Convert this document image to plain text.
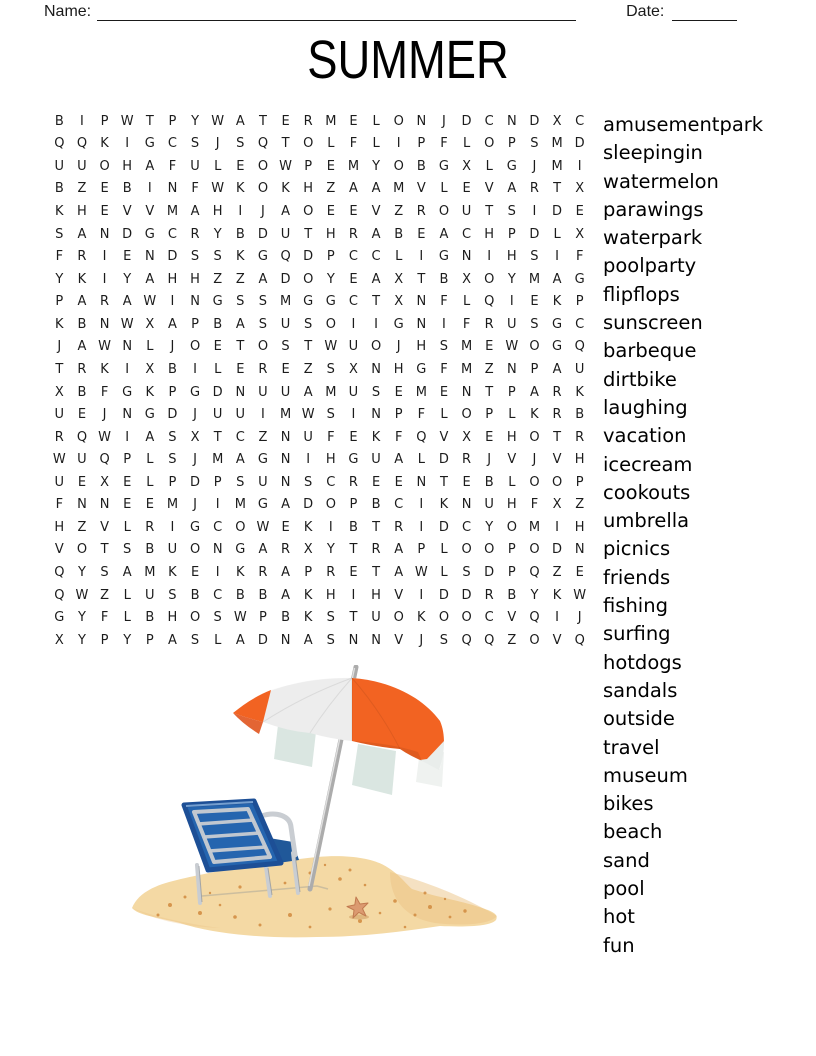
Name:	Date:
SUMMER
B	I	P W T	P	Y W A	T	E	R M E	L	O N	J	D	C	N D	X	C
Q Q	K	I	G	C	S	J	S	Q	T	O	L	F	L	I	P	F	L	O	P	S M D
U	U O H	A	F	U	L	E	O W P	E M	Y	O	B	G	X	L	G	J	M	I
B	Z	E	B	I	N	F W K	O	K	H	Z	A	A M V	L	E	V	A	R	T	X
K	H	E	V	V M A	H	I	J	A	O	E	E	V	Z	R O U	T	S	I	D	E
S	A	N D G	C	R	Y	B	D U	T	H	R	A	B	E	A	C	H	P	D	L	X
F	R	I	E	N D	S	S	K	G Q D	P	C	C	L	I	G N	I	H	S	I	F
Y	K	I	Y	A	H H	Z	Z	A	D O	Y	E	A	X	T	B	X	O	Y	M A	G
P	A	R	A W	I	N G	S	S M G G	C	T	X	N	F	L	Q	I	E	K	P
K	B	N W X	A	P	B	A	S	U	S	O	I	I	G N	I	F	R	U	S	G	C
J	A W N	L	J	O	E	T	O	S	T W U O	J	H	S M E W O G Q
T	R	K	I	X	B	I	L	E	R	E	Z	S	X	N H G	F	M Z	N	P	A	U
X	B	F	G	K	P	G D N	U	U	A M U	S	E M E	N	T	P	A	R	K
U	E	J	N G D	J	U	U	I	M W S	I	N	P	F	L	O	P	L	K	R	B
R Q W	I	A	S	X	T	C	Z	N	U	F	E	K	F	Q	V	X	E	H O	T	R
W U Q	P	L	S	J	M A	G N	I	H G U	A	L	D	R	J	V	J	V	H
U	E	X	E	L	P	D	P	S	U	N	S	C	R	E	E	N	T	E	B	L	O O	P
F	N N	E	E M	J	I	M G	A	D O	P	B	C	I	K	N	U H	F	X	Z
H	Z	V	L	R	I	G	C O W E	K	I	B	T	R	I	D	C	Y	O M	I	H
V	O	T	S	B	U O N G	A	R	X	Y	T	R	A	P	L	O O	P	O D N
Q	Y	S	A M K	E	I	K	R	A	P	R	E	T	A W L	S	D	P	Q	Z	E
Q W Z	L	U	S	B	C	B	B	A	K	H	I	H	V	I	D D	R	B	Y	K W
G	Y	F	L	B	H O	S W P	B	K	S	T	U O	K	O O C	V	Q	I	J
X	Y	P	Y	P	A	S	L	A	D N	A	S	N N	V	J	S	Q Q	Z	O	V	Q
amusementpark
sleepingin
watermelon
parawings
waterpark
poolparty
flipflops
sunscreen
barbeque
dirtbike
laughing
vacation
icecream
cookouts
umbrella
picnics
friends
fishing
surfing
hotdogs
sandals
outside
travel
museum
bikes
beach
sand
pool
hot
fun
